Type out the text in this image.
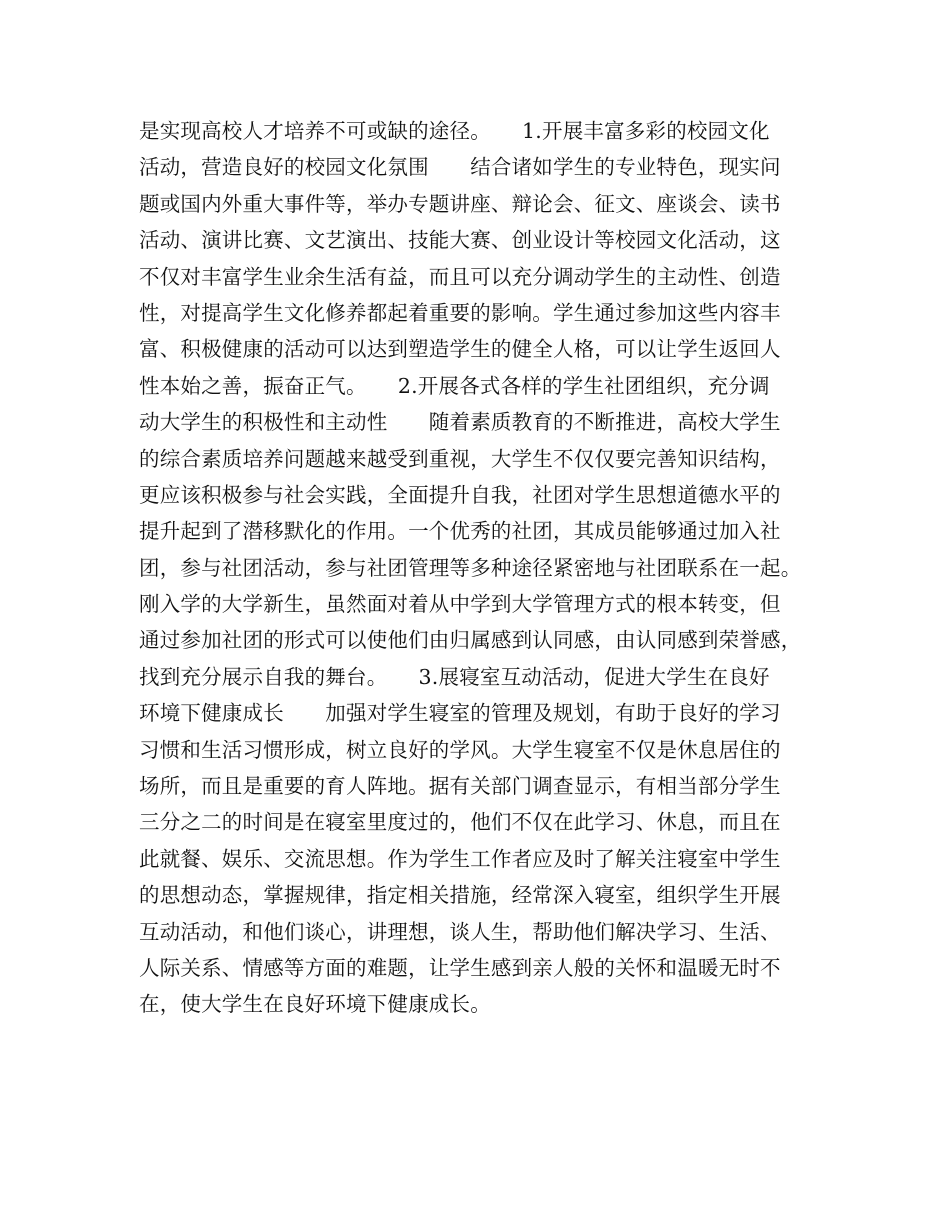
是实现高校人才培养不可或缺的途径。　　1.开展丰富多彩的校园文化
活动，营造良好的校园文化氛围　　结合诸如学生的专业特色，现实问
题或国内外重大事件等，举办专题讲座、辩论会、征文、座谈会、读书
活动、演讲比赛、文艺演出、技能大赛、创业设计等校园文化活动，这
不仅对丰富学生业余生活有益，而且可以充分调动学生的主动性、创造
性，对提高学生文化修养都起着重要的影响。学生通过参加这些内容丰
富、积极健康的活动可以达到塑造学生的健全人格，可以让学生返回人
性本始之善，振奋正气。　　2.开展各式各样的学生社团组织，充分调
动大学生的积极性和主动性　　随着素质教育的不断推进，高校大学生
的综合素质培养问题越来越受到重视，大学生不仅仅要完善知识结构，
更应该积极参与社会实践，全面提升自我，社团对学生思想道德水平的
提升起到了潜移默化的作用。一个优秀的社团，其成员能够通过加入社
团，参与社团活动，参与社团管理等多种途径紧密地与社团联系在一起。
刚入学的大学新生，虽然面对着从中学到大学管理方式的根本转变，但
通过参加社团的形式可以使他们由归属感到认同感，由认同感到荣誉感，
找到充分展示自我的舞台。　　3.展寝室互动活动，促进大学生在良好
环境下健康成长　　加强对学生寝室的管理及规划，有助于良好的学习
习惯和生活习惯形成，树立良好的学风。大学生寝室不仅是休息居住的
场所，而且是重要的育人阵地。据有关部门调查显示，有相当部分学生
三分之二的时间是在寝室里度过的，他们不仅在此学习、休息，而且在
此就餐、娱乐、交流思想。作为学生工作者应及时了解关注寝室中学生
的思想动态，掌握规律，指定相关措施，经常深入寝室，组织学生开展
互动活动，和他们谈心，讲理想，谈人生，帮助他们解决学习、生活、
人际关系、情感等方面的难题，让学生感到亲人般的关怀和温暖无时不
在，使大学生在良好环境下健康成长。
